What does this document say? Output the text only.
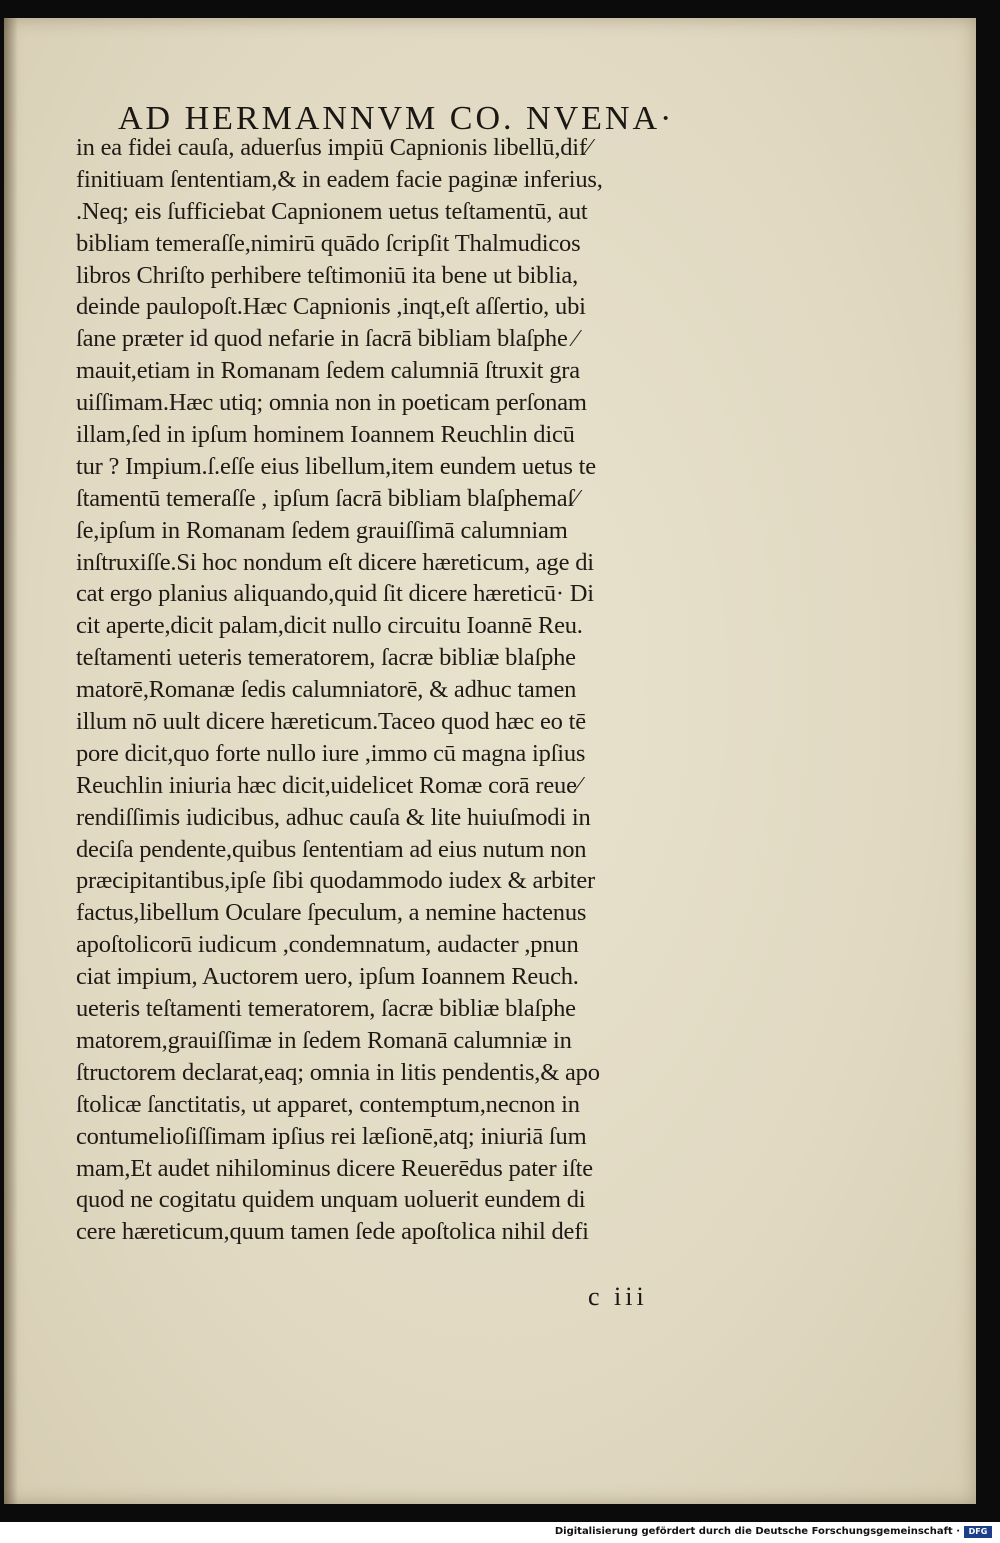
AD HERMANNVM CO. NVENA·
in ea fidei cauſa, aduerſus impiū Capnionis libellū,dif⁄
finitiuam ſententiam,& in eadem facie paginæ inferius,
.Neq; eis ſufficiebat Capnionem uetus teſtamentū, aut
bibliam temeraſſe,nimirū quādo ſcripſit Thalmudicos
libros Chriſto perhibere teſtimoniū ita bene ut biblia,
deinde paulopoſt.Hæc Capnionis ,inqt,eſt aſſertio, ubi
ſane præter id quod nefarie in ſacrā bibliam blaſphe ⁄
mauit,etiam in Romanam ſedem calumniā ſtruxit gra
uiſſimam.Hæc utiq; omnia non in poeticam perſonam
illam,ſed in ipſum hominem Ioannem Reuchlin dicū
tur ? Impium.ſ.eſſe eius libellum,item eundem uetus te
ſtamentū temeraſſe , ipſum ſacrā bibliam blaſphemaſ⁄
ſe,ipſum in Romanam ſedem grauiſſimā calumniam
inſtruxiſſe.Si hoc nondum eſt dicere hæreticum, age di
cat ergo planius aliquando,quid ſit dicere hæreticū· Di
cit aperte,dicit palam,dicit nullo circuitu Ioannē Reu.
teſtamenti ueteris temeratorem, ſacræ bibliæ blaſphe
matorē,Romanæ ſedis calumniatorē, & adhuc tamen
illum nō uult dicere hæreticum.Taceo quod hæc eo tē
pore dicit,quo forte nullo iure ,immo cū magna ipſius
Reuchlin iniuria hæc dicit,uidelicet Romæ corā reue⁄
rendiſſimis iudicibus, adhuc cauſa & lite huiuſmodi in
deciſa pendente,quibus ſententiam ad eius nutum non
præcipitantibus,ipſe ſibi quodammodo iudex & arbiter
factus,libellum Oculare ſpeculum, a nemine hactenus
apoſtolicorū iudicum ,condemnatum, audacter ,pnun
ciat impium, Auctorem uero, ipſum Ioannem Reuch.
ueteris teſtamenti temeratorem, ſacræ bibliæ blaſphe
matorem,grauiſſimæ in ſedem Romanā calumniæ in
ſtructorem declarat,eaq; omnia in litis pendentis,& apo
ſtolicæ ſanctitatis, ut apparet, contemptum,necnon in
contumelioſiſſimam ipſius rei læſionē,atq; iniuriā ſum
mam,Et audet nihilominus dicere Reuerēdus pater iſte
quod ne cogitatu quidem unquam uoluerit eundem di
cere hæreticum,quum tamen ſede apoſtolica nihil defi
c iii
Digitalisierung gefördert durch die Deutsche Forschungsgemeinschaft ·	DFG
